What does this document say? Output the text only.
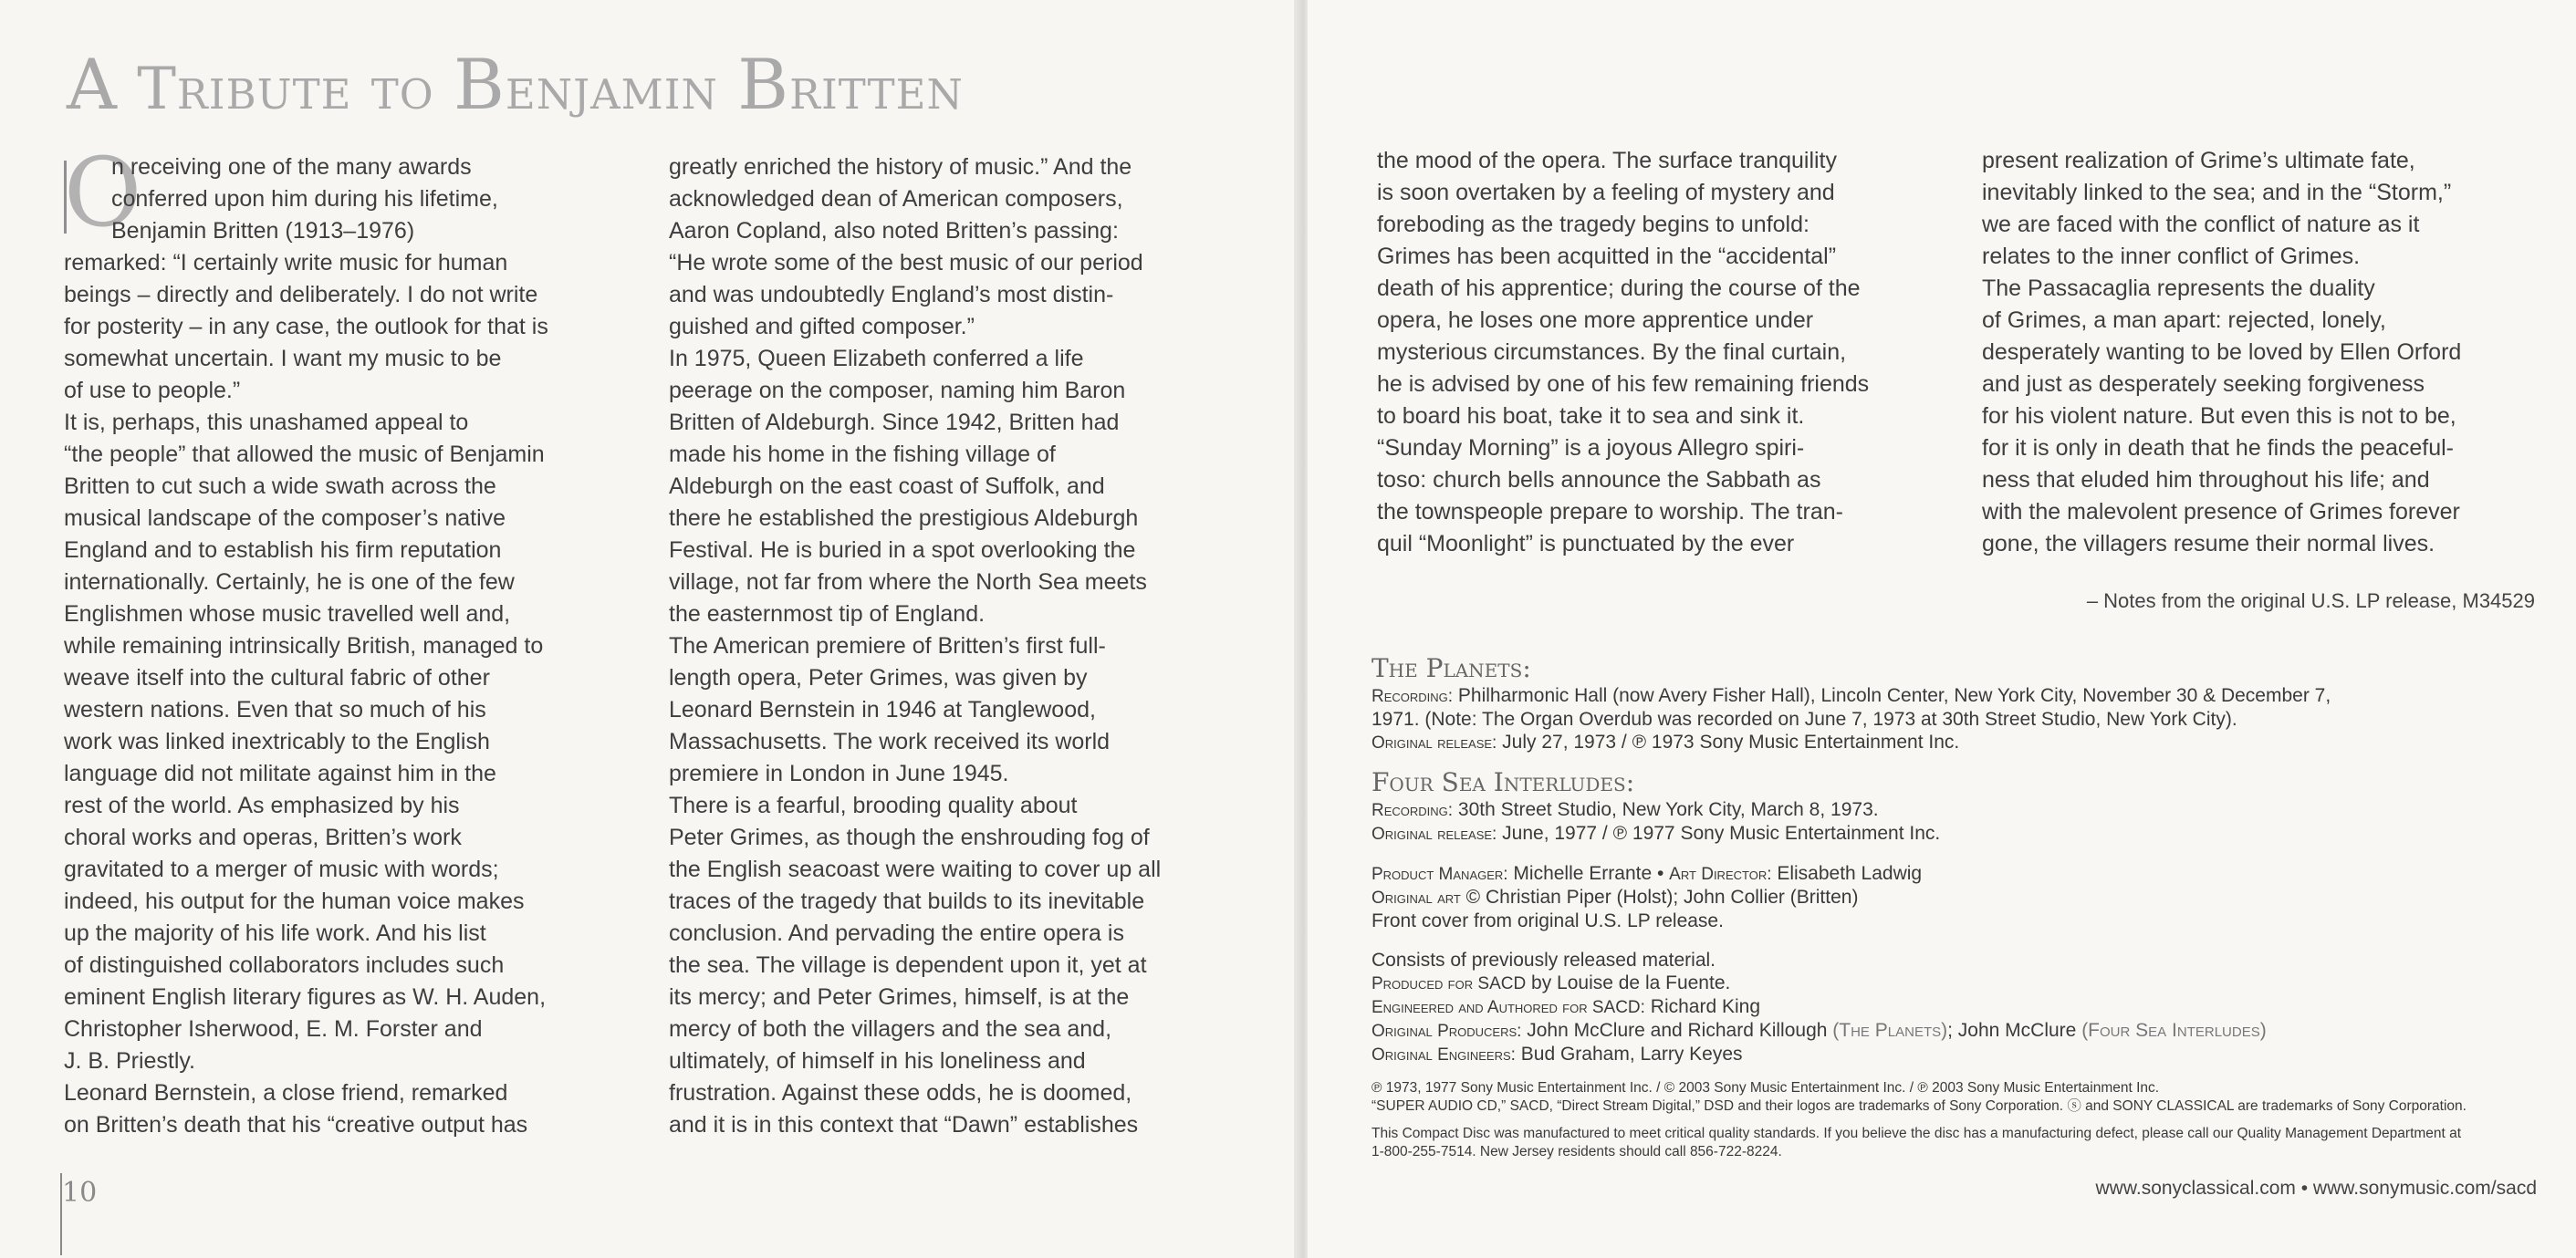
A Tribute to Benjamin Britten
O

n receiving one of the many awards
conferred upon him during his lifetime,
Benjamin Britten (1913–1976)
remarked: “I certainly write music for human
beings – directly and deliberately. I do not write
for posterity – in any case, the outlook for that is
somewhat uncertain. I want my music to be
of use to people.”

It is, perhaps, this unashamed appeal to
“the people” that allowed the music of Benjamin
Britten to cut such a wide swath across the
musical landscape of the composer’s native
England and to establish his firm reputation
internationally. Certainly, he is one of the few
Englishmen whose music travelled well and,
while remaining intrinsically British, managed to
weave itself into the cultural fabric of other
western nations. Even that so much of his
work was linked inextricably to the English
language did not militate against him in the
rest of the world. As emphasized by his
choral works and operas, Britten’s work
gravitated to a merger of music with words;
indeed, his output for the human voice makes
up the majority of his life work. And his list
of distinguished collaborators includes such
eminent English literary figures as W. H. Auden,
Christopher Isherwood, E. M. Forster and
J. B. Priestly.
Leonard Bernstein, a close friend, remarked
on Britten’s death that his “creative output has

greatly enriched the history of music.” And the
acknowledged dean of American composers,
Aaron Copland, also noted Britten’s passing:
“He wrote some of the best music of our period
and was undoubtedly England’s most distin-
guished and gifted composer.”
In 1975, Queen Elizabeth conferred a life
peerage on the composer, naming him Baron
Britten of Aldeburgh. Since 1942, Britten had
made his home in the fishing village of
Aldeburgh on the east coast of Suffolk, and
there he established the prestigious Aldeburgh
Festival. He is buried in a spot overlooking the
village, not far from where the North Sea meets
the easternmost tip of England.
The American premiere of Britten’s first full-
length opera, Peter Grimes, was given by
Leonard Bernstein in 1946 at Tanglewood,
Massachusetts. The work received its world
premiere in London in June 1945.
There is a fearful, brooding quality about
Peter Grimes, as though the enshrouding fog of
the English seacoast were waiting to cover up all
traces of the tragedy that builds to its inevitable
conclusion. And pervading the entire opera is
the sea. The village is dependent upon it, yet at
its mercy; and Peter Grimes, himself, is at the
mercy of both the villagers and the sea and,
ultimately, of himself in his loneliness and
frustration. Against these odds, he is doomed,
and it is in this context that “Dawn” establishes

10

the mood of the opera. The surface tranquility
is soon overtaken by a feeling of mystery and
foreboding as the tragedy begins to unfold:
Grimes has been acquitted in the “accidental”
death of his apprentice; during the course of the
opera, he loses one more apprentice under
mysterious circumstances. By the final curtain,
he is advised by one of his few remaining friends
to board his boat, take it to sea and sink it.
“Sunday Morning” is a joyous Allegro spiri-
toso: church bells announce the Sabbath as
the townspeople prepare to worship. The tran-
quil “Moonlight” is punctuated by the ever

present realization of Grime’s ultimate fate,
inevitably linked to the sea; and in the “Storm,”
we are faced with the conflict of nature as it
relates to the inner conflict of Grimes.
The Passacaglia represents the duality
of Grimes, a man apart: rejected, lonely,
desperately wanting to be loved by Ellen Orford
and just as desperately seeking forgiveness
for his violent nature. But even this is not to be,
for it is only in death that he finds the peaceful-
ness that eluded him throughout his life; and
with the malevolent presence of Grimes forever
gone, the villagers resume their normal lives.

– Notes from the original U.S. LP release, M34529
The Planets:
Recording: Philharmonic Hall (now Avery Fisher Hall), Lincoln Center, New York City, November 30 & December 7,
1971. (Note: The Organ Overdub was recorded on June 7, 1973 at 30th Street Studio, New York City).
Original release: July 27, 1973 / ℗ 1973 Sony Music Entertainment Inc.
Four Sea Interludes:
Recording: 30th Street Studio, New York City, March 8, 1973.
Original release: June, 1977 / ℗ 1977 Sony Music Entertainment Inc.
Product Manager: Michelle Errante • Art Director: Elisabeth Ladwig
Original art © Christian Piper (Holst); John Collier (Britten)
Front cover from original U.S. LP release.
Consists of previously released material.
Produced for SACD by Louise de la Fuente.
Engineered and Authored for SACD: Richard King
Original Producers: John McClure and Richard Killough (The Planets); John McClure (Four Sea Interludes)
Original Engineers: Bud Graham, Larry Keyes
℗ 1973, 1977 Sony Music Entertainment Inc. / © 2003 Sony Music Entertainment Inc. / ℗ 2003 Sony Music Entertainment Inc.
“SUPER AUDIO CD,” SACD, “Direct Stream Digital,” DSD and their logos are trademarks of Sony Corporation. ⓢ and SONY CLASSICAL are trademarks of Sony Corporation.
This Compact Disc was manufactured to meet critical quality standards. If you believe the disc has a manufacturing defect, please call our Quality Management Department at
1-800-255-7514. New Jersey residents should call 856-722-8224.
www.sonyclassical.com • www.sonymusic.com/sacd
